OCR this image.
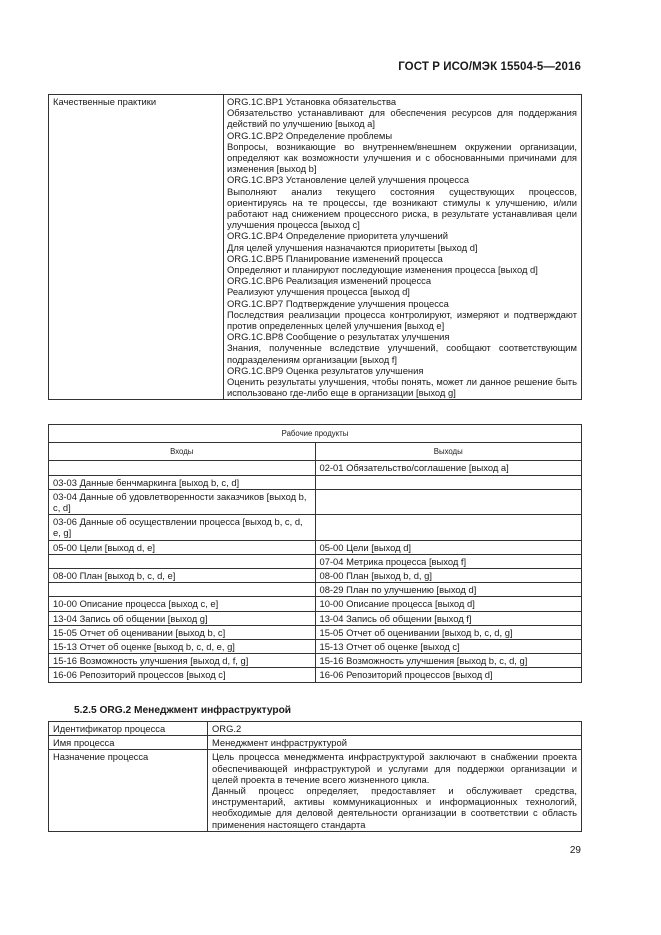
ГОСТ Р ИСО/МЭК 15504-5—2016
Качественные практики	ORG.1C.BP1 Установка обязательства
Обязательство устанавливают для обеспечения ресурсов для поддержания действий по улучшению [выход a]
ORG.1C.BP2 Определение проблемы
Вопросы, возникающие во внутреннем/внешнем окружении организации, определяют как возможности улучшения и с обоснованными причинами для изменения [выход b]
ORG.1C.BP3 Установление целей улучшения процесса
Выполняют анализ текущего состояния существующих процессов, ориентируясь на те процессы, где возникают стимулы к улучшению, и/или работают над снижением процессного риска, в результате устанавливая цели улучшения процесса [выход c]
ORG.1C.BP4 Определение приоритета улучшений
Для целей улучшения назначаются приоритеты [выход d]
ORG.1C.BP5 Планирование изменений процесса
Определяют и планируют последующие изменения процесса [выход d]
ORG.1C.BP6 Реализация изменений процесса
Реализуют улучшения процесса [выход d]
ORG.1C.BP7 Подтверждение улучшения процесса
Последствия реализации процесса контролируют, измеряют и подтверждают против определенных целей улучшения [выход e]
ORG.1C.BP8 Сообщение о результатах улучшения
Знания, полученные вследствие улучшений, сообщают соответствующим подразделениям организации [выход f]
ORG.1C.BP9 Оценка результатов улучшения
Оценить результаты улучшения, чтобы понять, может ли данное решение быть использовано где-либо еще в организации [выход g]
Рабочие продукты	
Входы	Выходы
	02-01 Обязательство/соглашение [выход a]
03-03 Данные бенчмаркинга [выход b, c, d]	
03-04 Данные об удовлетворенности заказчиков [выход b, c, d]	
03-06 Данные об осуществлении процесса [выход b, c, d, e, g]	
05-00 Цели [выход d, e]	05-00 Цели [выход d]
	07-04 Метрика процесса [выход f]
08-00 План [выход b, c, d, e]	08-00 План [выход b, d, g]
	08-29 План по улучшению [выход d]
10-00 Описание процесса [выход c, e]	10-00 Описание процесса [выход d]
13-04 Запись об общении [выход g]	13-04 Запись об общении [выход f]
15-05 Отчет об оценивании [выход b, c]	15-05 Отчет об оценивании [выход b, c, d, g]
15-13 Отчет об оценке [выход b, c, d, e, g]	15-13 Отчет об оценке [выход c]
15-16 Возможность улучшения [выход d, f, g]	15-16 Возможность улучшения [выход b, c, d, g]
16-06 Репозиторий процессов [выход c]	16-06 Репозиторий процессов [выход d]
5.2.5 ORG.2 Менеджмент инфраструктурой
Идентификатор процесса	ORG.2
Имя процесса	Менеджмент инфраструктурой
Назначение процесса	Цель процесса менеджмента инфраструктурой заключают в снабжении проекта обеспечивающей инфраструктурой и услугами для поддержки организации и целей проекта в течение всего жизненного цикла.
Данный процесс определяет, предоставляет и обслуживает средства, инструментарий, активы коммуникационных и информационных технологий, необходимые для деловой деятельности организации в соответствии с область применения настоящего стандарта
29
